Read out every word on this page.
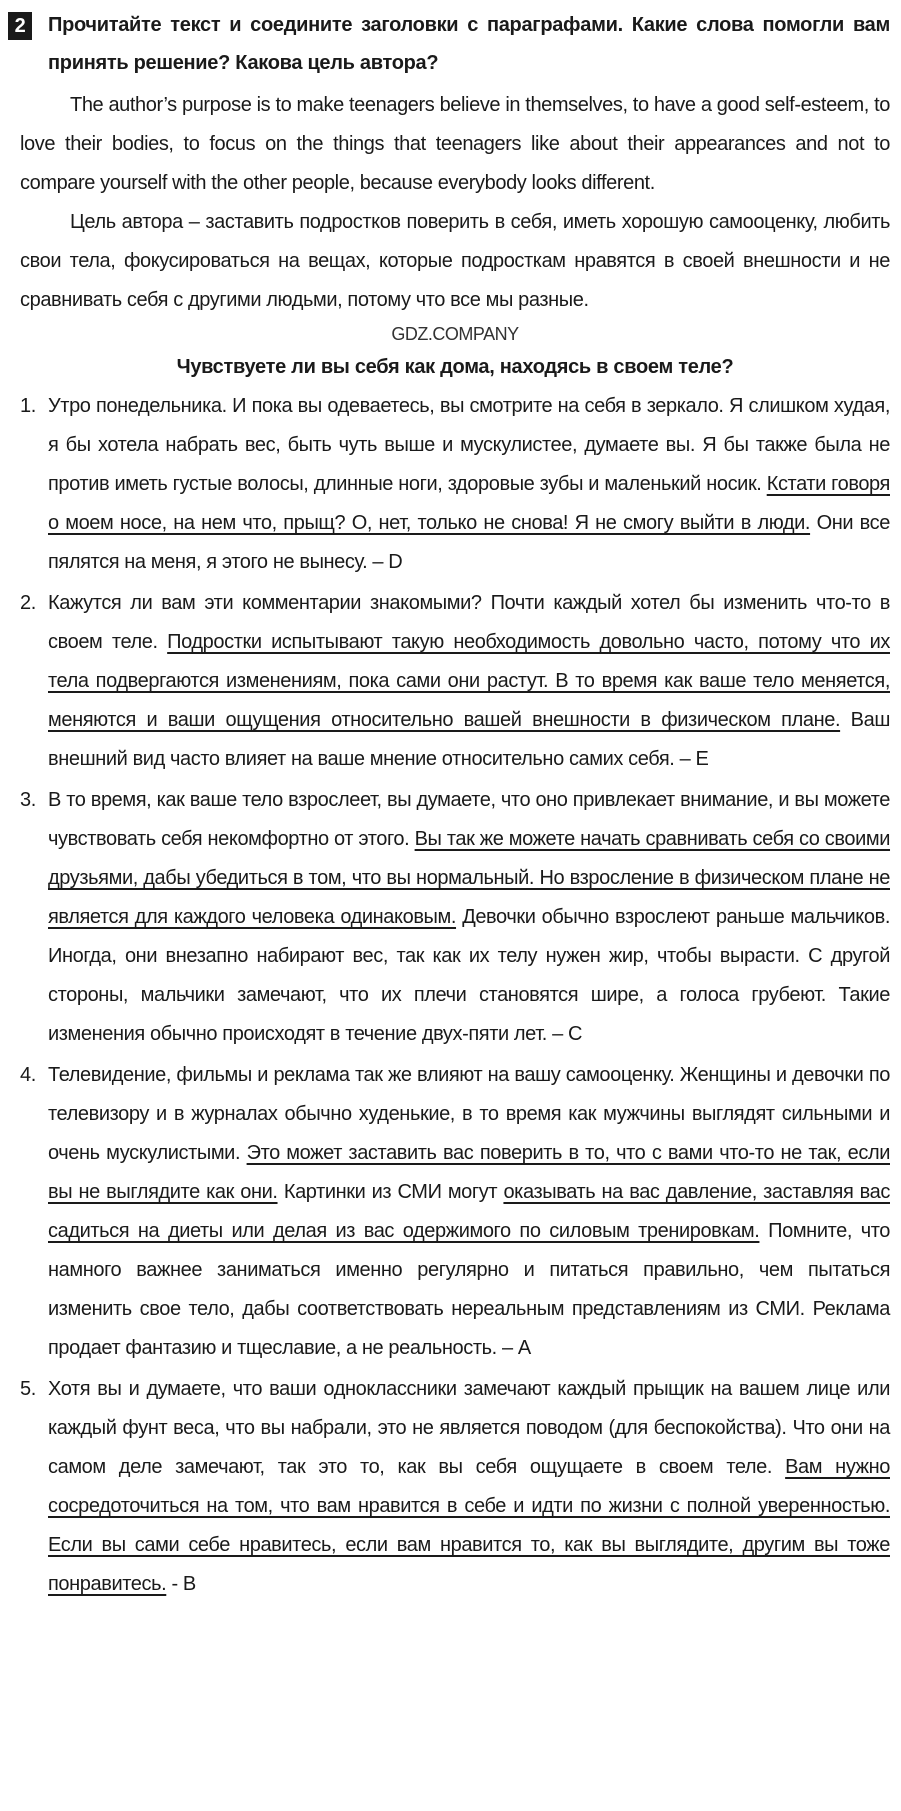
2	Прочитайте текст и соедините заголовки с параграфами. Какие слова помогли вам принять решение? Какова цель автора?

The author’s purpose is to make teenagers believe in themselves, to have a good self-esteem, to love their bodies, to focus on the things that teenagers like about their appearances and not to compare yourself with the other people, because everybody looks different.

Цель автора – заставить подростков поверить в себя, иметь хорошую самооценку, любить свои тела, фокусироваться на вещах, которые подросткам нравятся в своей внешности и не сравнивать себя с другими людьми, потому что все мы разные.

GDZ.COMPANY
Чувствуете ли вы себя как дома, находясь в своем теле?
1. Утро понедельника. И пока вы одеваетесь, вы смотрите на себя в зеркало. Я слишком худая, я бы хотела набрать вес, быть чуть выше и мускулистее, думаете вы. Я бы также была не против иметь густые волосы, длинные ноги, здоровые зубы и маленький носик. Кстати говоря о моем носе, на нем что, прыщ? О, нет, только не снова! Я не смогу выйти в люди. Они все пялятся на меня, я этого не вынесу. – D
2. Кажутся ли вам эти комментарии знакомыми? Почти каждый хотел бы изменить что-то в своем теле. Подростки испытывают такую необходимость довольно часто, потому что их тела подвергаются изменениям, пока сами они растут. В то время как ваше тело меняется, меняются и ваши ощущения относительно вашей внешности в физическом плане. Ваш внешний вид часто влияет на ваше мнение относительно самих себя. – E
3. В то время, как ваше тело взрослеет, вы думаете, что оно привлекает внимание, и вы можете чувствовать себя некомфортно от этого. Вы так же можете начать сравнивать себя со своими друзьями, дабы убедиться в том, что вы нормальный. Но взросление в физическом плане не является для каждого человека одинаковым. Девочки обычно взрослеют раньше мальчиков. Иногда, они внезапно набирают вес, так как их телу нужен жир, чтобы вырасти. С другой стороны, мальчики замечают, что их плечи становятся шире, а голоса грубеют. Такие изменения обычно происходят в течение двух-пяти лет. – C
4. Телевидение, фильмы и реклама так же влияют на вашу самооценку. Женщины и девочки по телевизору и в журналах обычно худенькие, в то время как мужчины выглядят сильными и очень мускулистыми. Это может заставить вас поверить в то, что с вами что-то не так, если вы не выглядите как они. Картинки из СМИ могут оказывать на вас давление, заставляя вас садиться на диеты или делая из вас одержимого по силовым тренировкам. Помните, что намного важнее заниматься именно регулярно и питаться правильно, чем пытаться изменить свое тело, дабы соответствовать нереальным представлениям из СМИ. Реклама продает фантазию и тщеславие, а не реальность. – A
5. Хотя вы и думаете, что ваши одноклассники замечают каждый прыщик на вашем лице или каждый фунт веса, что вы набрали, это не является поводом (для беспокойства). Что они на самом деле замечают, так это то, как вы себя ощущаете в своем теле. Вам нужно сосредоточиться на том, что вам нравится в себе и идти по жизни с полной уверенностью. Если вы сами себе нравитесь, если вам нравится то, как вы выглядите, другим вы тоже понравитесь. - B
